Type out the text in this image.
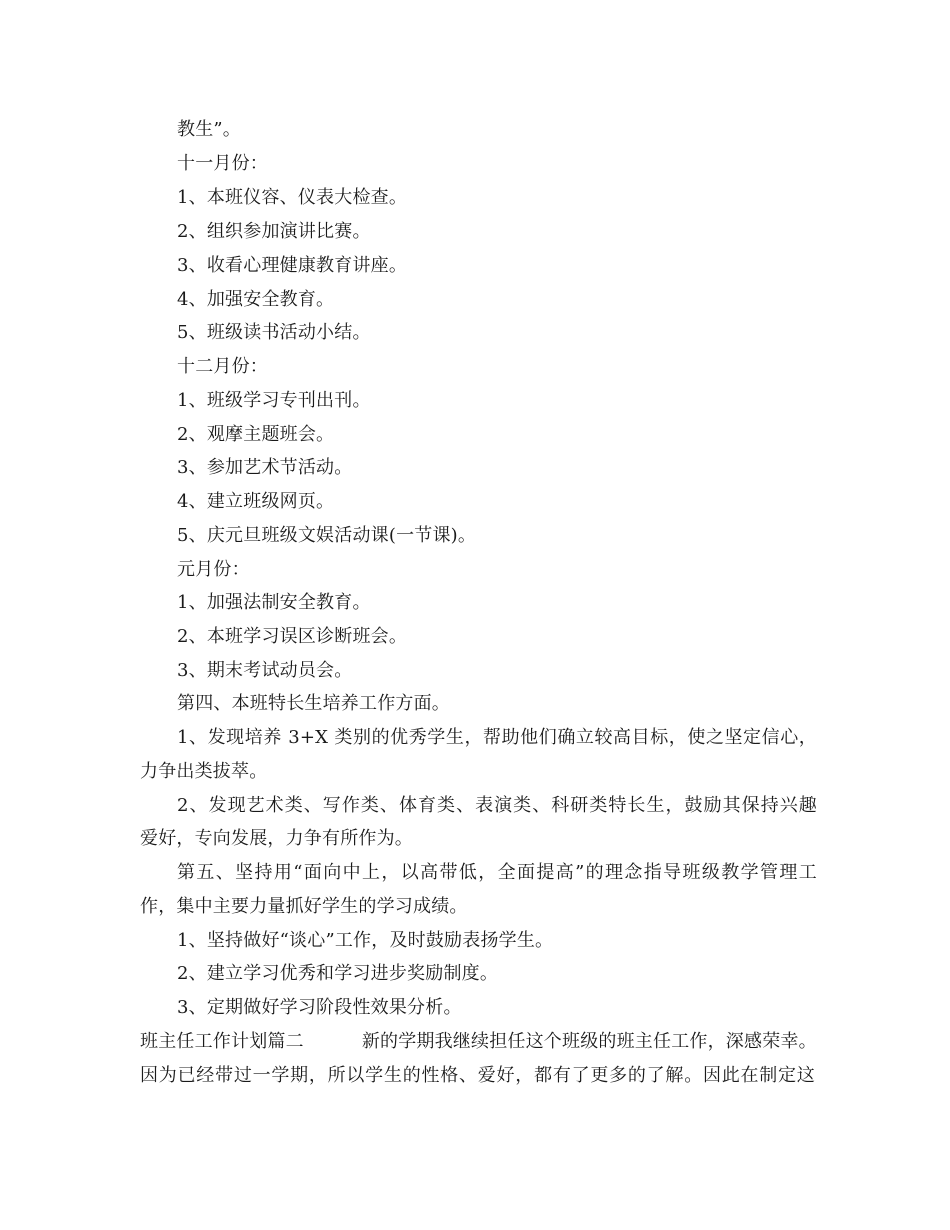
教生”。
十一月份：
1、本班仪容、仪表大检查。
2、组织参加演讲比赛。
3、收看心理健康教育讲座。
4、加强安全教育。
5、班级读书活动小结。
十二月份：
1、班级学习专刊出刊。
2、观摩主题班会。
3、参加艺术节活动。
4、建立班级网页。
5、庆元旦班级文娱活动课(一节课)。
元月份：
1、加强法制安全教育。
2、本班学习误区诊断班会。
3、期末考试动员会。
第四、本班特长生培养工作方面。
1、发现培养 3+X 类别的优秀学生，帮助他们确立较高目标，使之坚定信心，
力争出类拔萃。
2、发现艺术类、写作类、体育类、表演类、科研类特长生，鼓励其保持兴趣
爱好，专向发展，力争有所作为。
第五、坚持用“面向中上，以高带低，全面提高”的理念指导班级教学管理工
作，集中主要力量抓好学生的学习成绩。
1、坚持做好“谈心”工作，及时鼓励表扬学生。
2、建立学习优秀和学习进步奖励制度。
3、定期做好学习阶段性效果分析。
班主任工作计划篇二	新的学期我继续担任这个班级的班主任工作，深感荣幸。
因为已经带过一学期，所以学生的性格、爱好，都有了更多的了解。因此在制定这
